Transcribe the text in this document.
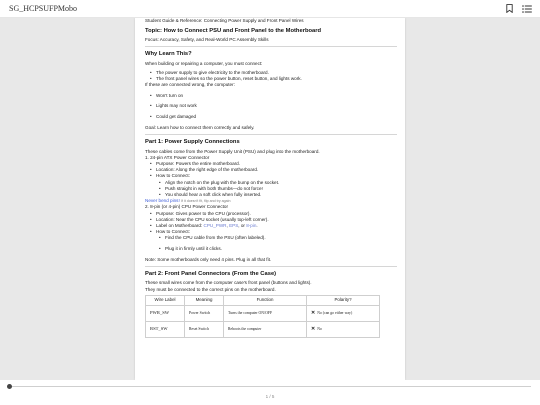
SG_HCPSUFPMobo
Student Guide & Reference: Connecting Power Supply and Front Panel Wires
Topic: How to Connect PSU and Front Panel to the Motherboard
Focus: Accuracy, Safety, and Real-World PC Assembly Skills
Why Learn This?
When building or repairing a computer, you must connect:
• The power supply to give electricity to the motherboard.
• The front panel wires so the power button, reset button, and lights work.
If these are connected wrong, the computer:
• Won't turn on
• Lights may not work
• Could get damaged
Goal: Learn how to connect them correctly and safely.
Part 1: Power Supply Connections
These cables come from the Power Supply Unit (PSU) and plug into the motherboard.
1. 24-pin ATX Power Connector
• Purpose: Powers the entire motherboard.
• Location: Along the right edge of the motherboard.
• How to Connect:
• Align the notch on the plug with the bump on the socket.
• Push straight in with both thumbs—do not force!
• You should hear a soft click when fully inserted.
Never bend pins! If it doesn't fit, flip and try again
2. 8-pin (or 4-pin) CPU Power Connector
• Purpose: Gives power to the CPU (processor).
• Location: Near the CPU socket (usually top-left corner).
• Label on Motherboard: CPU_PWR, EPS, or 8-pin.
• How to Connect:
• Find the CPU cable from the PSU (often labeled).
• Plug it in firmly until it clicks.
Note: Some motherboards only need 4 pins. Plug in all that fit.
Part 2: Front Panel Connectors (From the Case)
These small wires come from the computer case's front panel (buttons and lights).
They must be connected to the correct pins on the motherboard.
Wire Label	Meaning	Function	Polarity?
PWR_SW	Power Switch	Turns the computer ON/OFF	✕ No (can go either way)
RST_SW	Reset Switch	Reboots the computer	✕ No
1 / 5
